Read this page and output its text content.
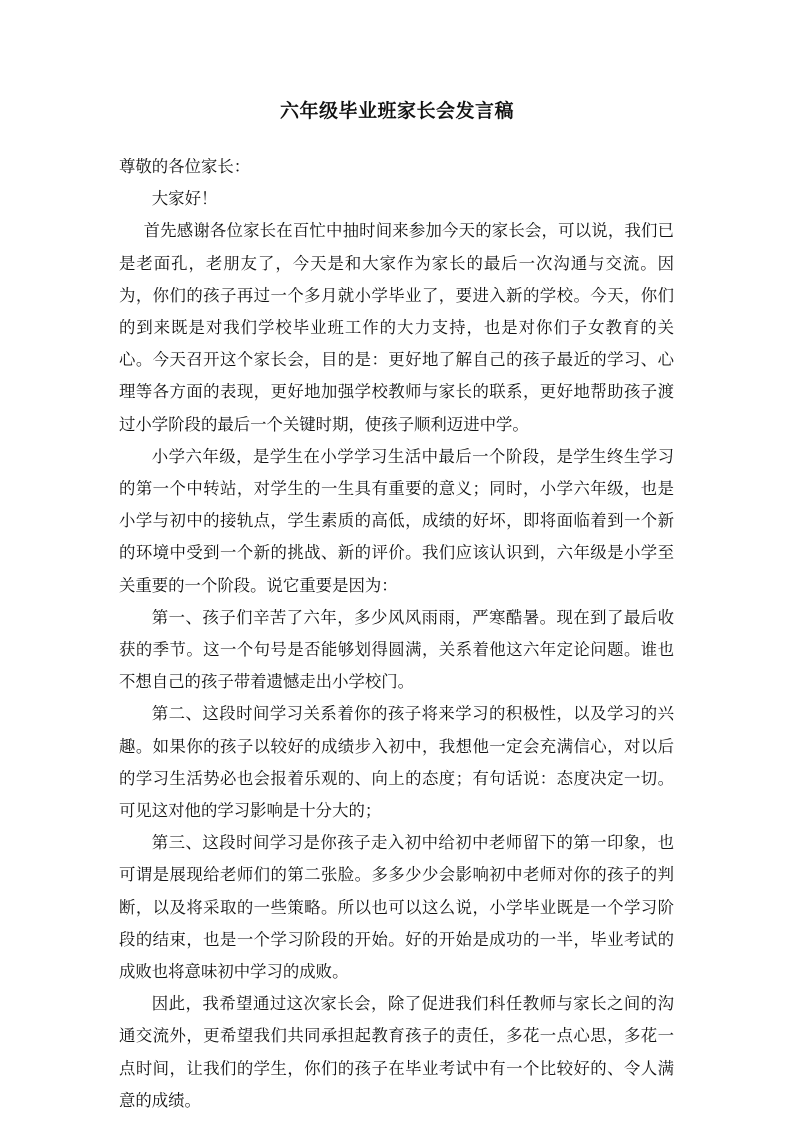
六年级毕业班家长会发言稿

尊敬的各位家长：

大家好！

首先感谢各位家长在百忙中抽时间来参加今天的家长会，可以说，我们已是老面孔，老朋友了，今天是和大家作为家长的最后一次沟通与交流。因为，你们的孩子再过一个多月就小学毕业了，要进入新的学校。今天，你们的到来既是对我们学校毕业班工作的大力支持，也是对你们子女教育的关心。今天召开这个家长会，目的是：更好地了解自己的孩子最近的学习、心理等各方面的表现，更好地加强学校教师与家长的联系，更好地帮助孩子渡过小学阶段的最后一个关键时期，使孩子顺利迈进中学。

小学六年级，是学生在小学学习生活中最后一个阶段，是学生终生学习的第一个中转站，对学生的一生具有重要的意义；同时，小学六年级，也是小学与初中的接轨点，学生素质的高低，成绩的好坏，即将面临着到一个新的环境中受到一个新的挑战、新的评价。我们应该认识到，六年级是小学至关重要的一个阶段。说它重要是因为：

第一、孩子们辛苦了六年，多少风风雨雨，严寒酷暑。现在到了最后收获的季节。这一个句号是否能够划得圆满，关系着他这六年定论问题。谁也不想自己的孩子带着遗憾走出小学校门。

第二、这段时间学习关系着你的孩子将来学习的积极性，以及学习的兴趣。如果你的孩子以较好的成绩步入初中，我想他一定会充满信心，对以后的学习生活势必也会报着乐观的、向上的态度；有句话说：态度决定一切。可见这对他的学习影响是十分大的；

第三、这段时间学习是你孩子走入初中给初中老师留下的第一印象，也可谓是展现给老师们的第二张脸。多多少少会影响初中老师对你的孩子的判断，以及将采取的一些策略。所以也可以这么说，小学毕业既是一个学习阶段的结束，也是一个学习阶段的开始。好的开始是成功的一半，毕业考试的成败也将意味初中学习的成败。

因此，我希望通过这次家长会，除了促进我们科任教师与家长之间的沟通交流外，更希望我们共同承担起教育孩子的责任，多花一点心思，多花一点时间，让我们的学生，你们的孩子在毕业考试中有一个比较好的、令人满意的成绩。
